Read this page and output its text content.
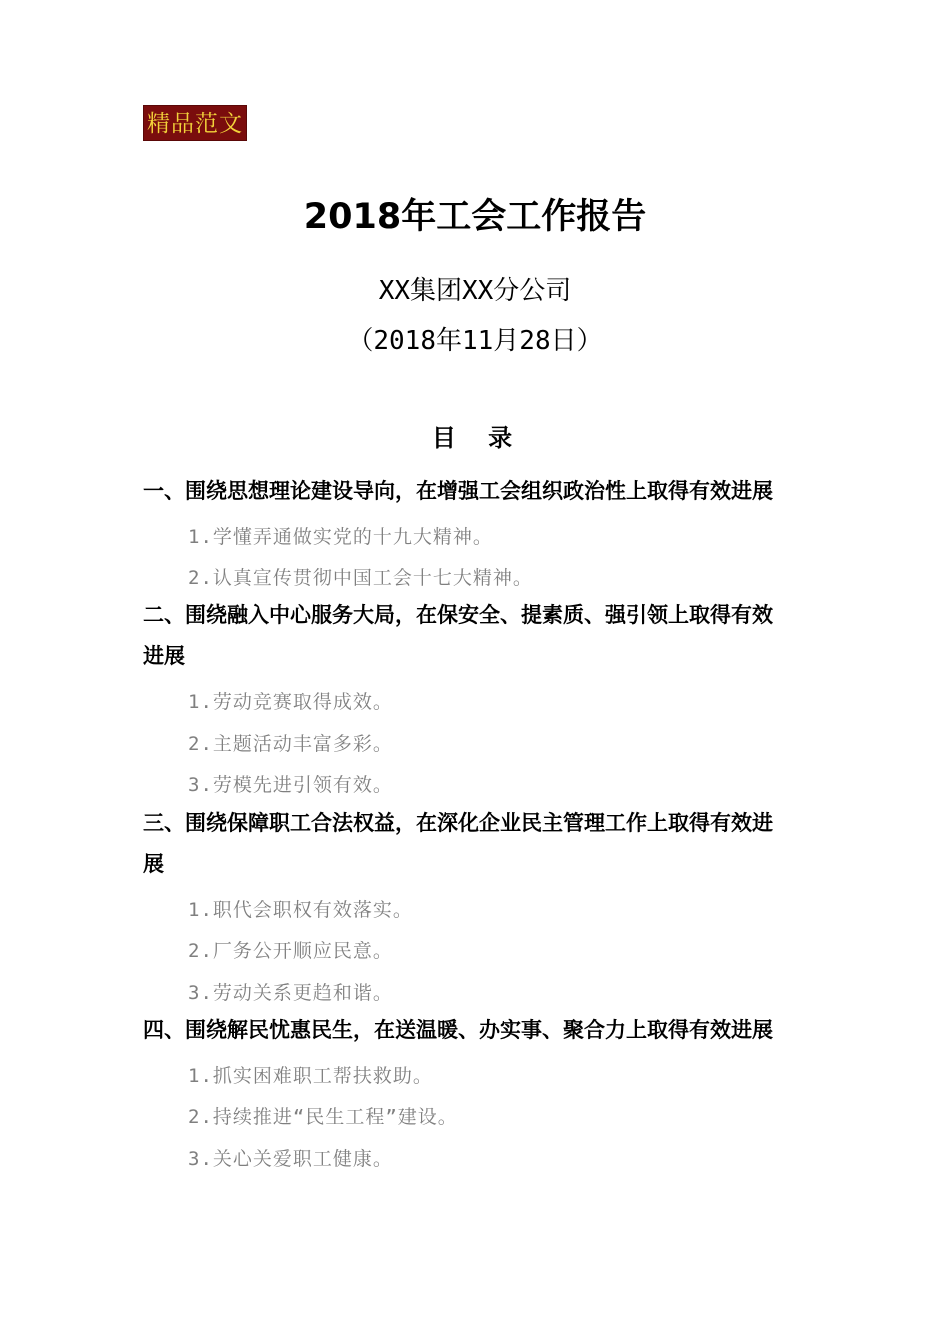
精品范文
2018年工会工作报告
XX集团XX分公司
（2018年11月28日）
目 录
一、围绕思想理论建设导向，在增强工会组织政治性上取得有效进展
1.学懂弄通做实党的十九大精神。
2.认真宣传贯彻中国工会十七大精神。
二、围绕融入中心服务大局，在保安全、提素质、强引领上取得有效
进展
1.劳动竞赛取得成效。
2.主题活动丰富多彩。
3.劳模先进引领有效。
三、围绕保障职工合法权益，在深化企业民主管理工作上取得有效进
展
1.职代会职权有效落实。
2.厂务公开顺应民意。
3.劳动关系更趋和谐。
四、围绕解民忧惠民生，在送温暖、办实事、聚合力上取得有效进展
1.抓实困难职工帮扶救助。
2.持续推进“民生工程”建设。
3.关心关爱职工健康。
